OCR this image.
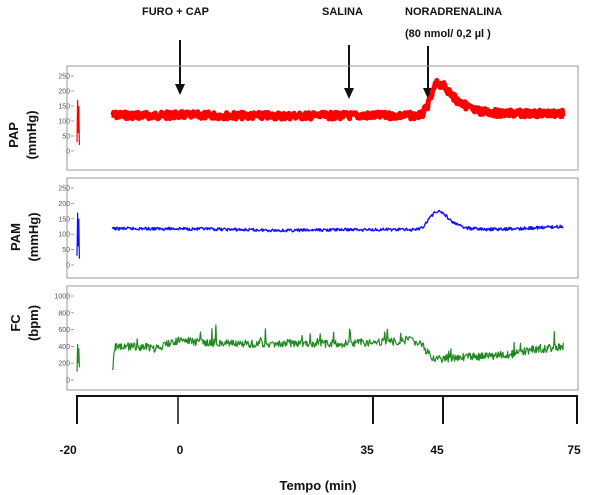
FURO + CAP	SALINA	NORADRENALINA
(80 nmol/ 0,2 µl )
PAP (mmHg)
PAM (mmHg)
FC (bpm)
250
200
150
100
50
0
250
200
150
100
50
0
1000
800
600
400
200
0
-20	0	35	45	75
Tempo (min)
